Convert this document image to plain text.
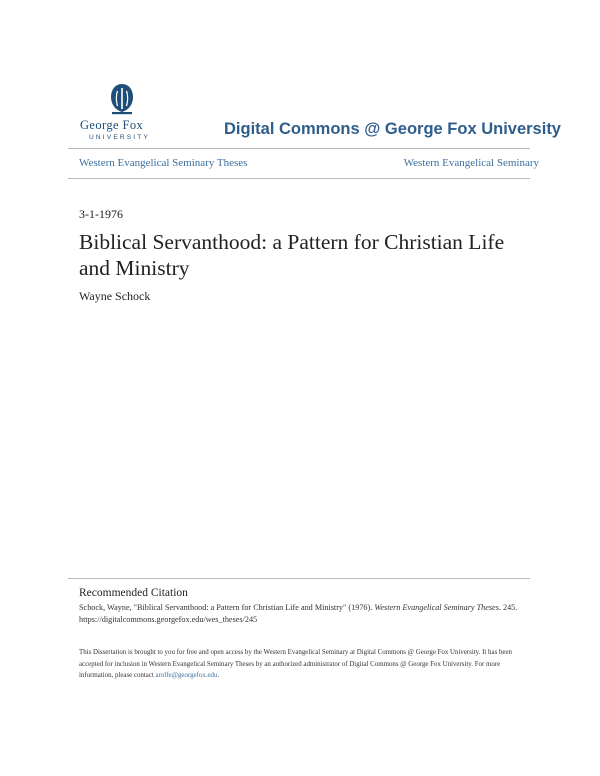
George Fox
UNIVERSITY	Digital Commons @ George Fox University
Western Evangelical Seminary Theses	Western Evangelical Seminary
3-1-1976
Biblical Servanthood: a Pattern for Christian Life and Ministry
Wayne Schock
Recommended Citation
Schock, Wayne, "Biblical Servanthood: a Pattern for Christian Life and Ministry" (1976). Western Evangelical Seminary Theses. 245.
https://digitalcommons.georgefox.edu/wes_theses/245
This Dissertation is brought to you for free and open access by the Western Evangelical Seminary at Digital Commons @ George Fox University. It has been accepted for inclusion in Western Evangelical Seminary Theses by an authorized administrator of Digital Commons @ George Fox University. For more information, please contact arolfe@georgefox.edu.
